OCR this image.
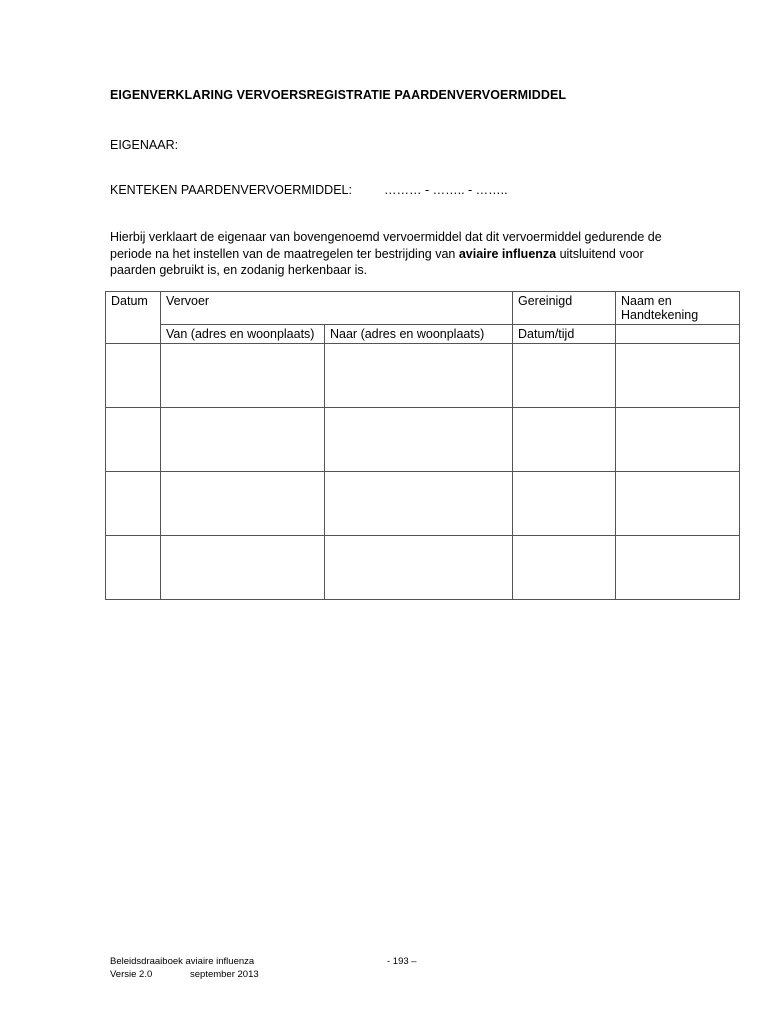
EIGENVERKLARING VERVOERSREGISTRATIE PAARDENVERVOERMIDDEL
EIGENAAR:
KENTEKEN PAARDENVERVOERMIDDEL:	……… - …….. - ……..
Hierbij verklaart de eigenaar van bovengenoemd vervoermiddel dat dit vervoermiddel gedurende de periode na het instellen van de maatregelen ter bestrijding van aviaire influenza uitsluitend voor paarden gebruikt is, en zodanig herkenbaar is.
Datum	Vervoer		Gereinigd	Naam en Handtekening
	Van (adres en woonplaats)	Naar (adres en woonplaats)	Datum/tijd	

Beleidsdraaiboek aviaire influenza	- 193 –
Versie 2.0	september 2013
